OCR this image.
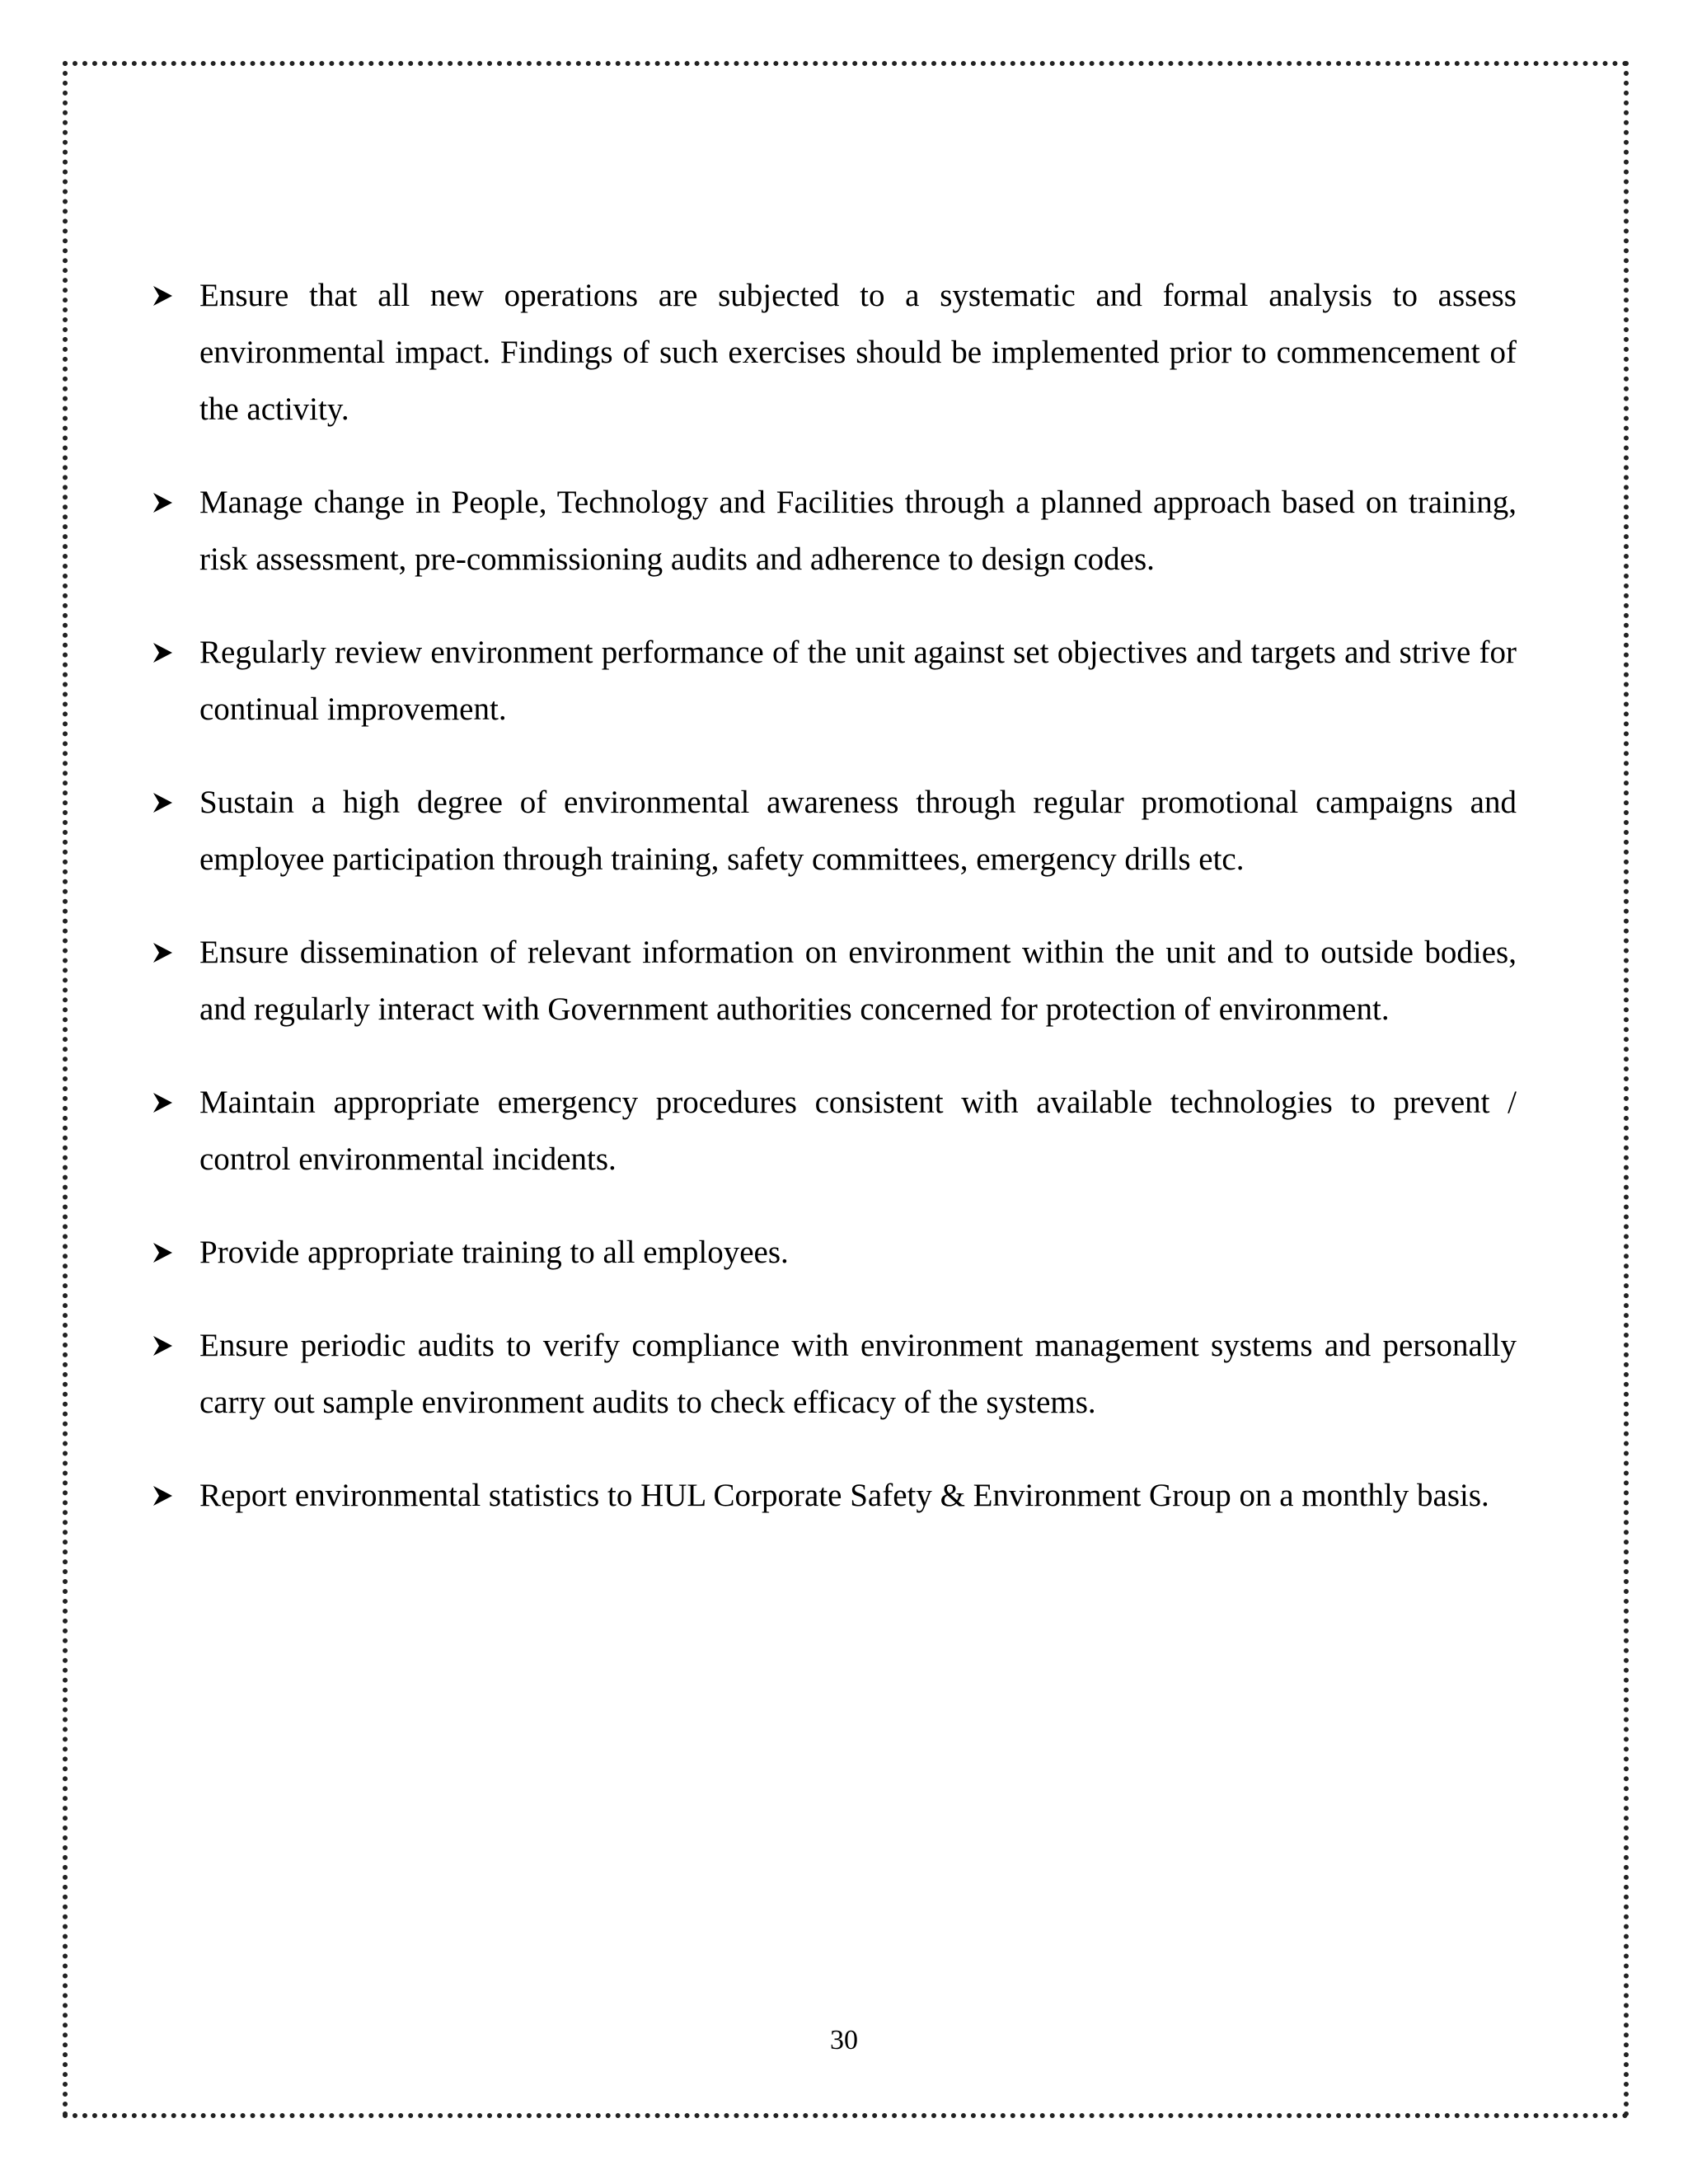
Ensure that all new operations are subjected to a systematic and formal analysis to assess environmental impact. Findings of such exercises should be implemented prior to commencement of the activity.
Manage change in People, Technology and Facilities through a planned approach based on training, risk assessment, pre-commissioning audits and adherence to design codes.
Regularly review environment performance of the unit against set objectives and targets and strive for continual improvement.
Sustain a high degree of environmental awareness through regular promotional campaigns and employee participation through training, safety committees, emergency drills etc.
Ensure dissemination of relevant information on environment within the unit and to outside bodies, and regularly interact with Government authorities concerned for protection of environment.
Maintain appropriate emergency procedures consistent with available technologies to prevent / control environmental incidents.
Provide appropriate training to all employees.
Ensure periodic audits to verify compliance with environment management systems and personally carry out sample environment audits to check efficacy of the systems.
Report environmental statistics to HUL Corporate Safety & Environment Group on a monthly basis.
30
